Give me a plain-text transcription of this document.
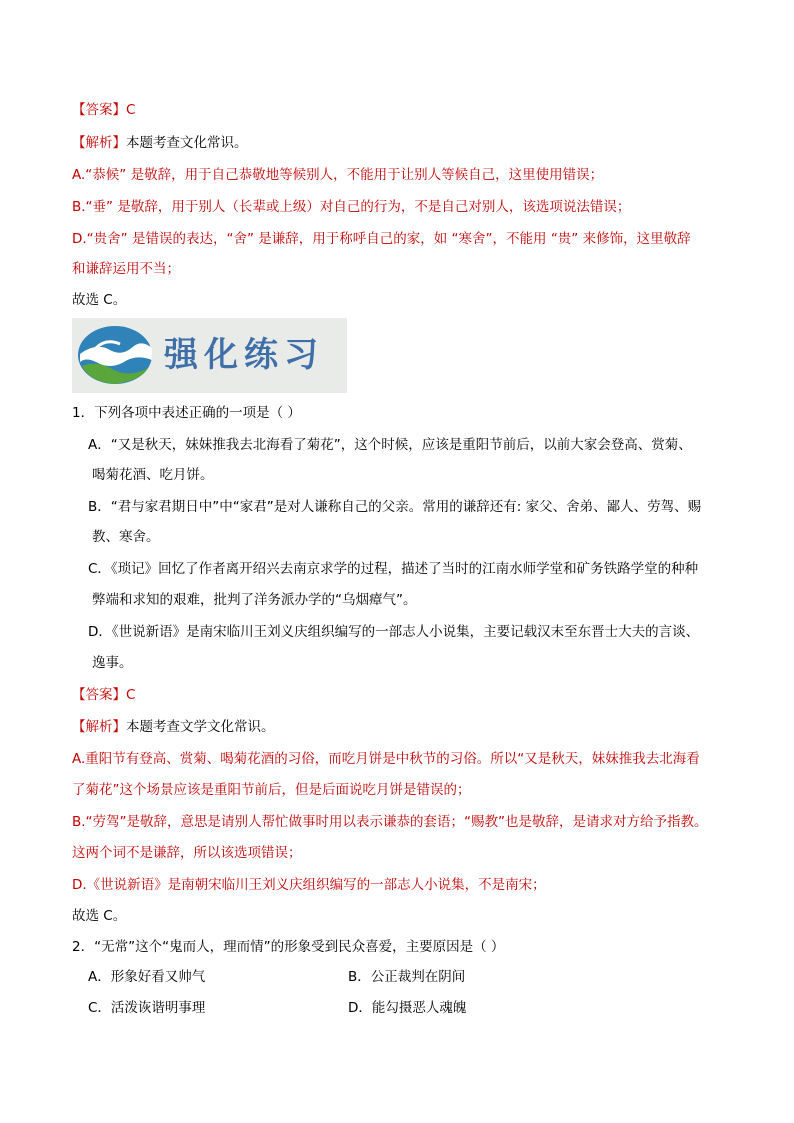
【答案】C
【解析】本题考查文化常识。
A.“恭候” 是敬辞，用于自己恭敬地等候别人，不能用于让别人等候自己，这里使用错误；
B.“垂” 是敬辞，用于别人（长辈或上级）对自己的行为，不是自己对别人，该选项说法错误；
D.“贵舍” 是错误的表达，“舍” 是谦辞，用于称呼自己的家，如 “寒舍”，不能用 “贵” 来修饰，这里敬辞
和谦辞运用不当；
故选 C。
强化练习
1．下列各项中表述正确的一项是（ ）
A．“又是秋天，妹妹推我去北海看了菊花”，这个时候，应该是重阳节前后，以前大家会登高、赏菊、
喝菊花酒、吃月饼。
B．“君与家君期日中”中“家君”是对人谦称自己的父亲。常用的谦辞还有: 家父、舍弟、鄙人、劳驾、赐
教、寒舍。
C．《琐记》回忆了作者离开绍兴去南京求学的过程，描述了当时的江南水师学堂和矿务铁路学堂的种种
弊端和求知的艰难，批判了洋务派办学的“乌烟瘴气”。
D．《世说新语》是南宋临川王刘义庆组织编写的一部志人小说集，主要记载汉末至东晋士大夫的言谈、
逸事。
【答案】C
【解析】本题考查文学文化常识。
A.重阳节有登高、赏菊、喝菊花酒的习俗，而吃月饼是中秋节的习俗。所以“又是秋天，妹妹推我去北海看
了菊花”这个场景应该是重阳节前后，但是后面说吃月饼是错误的；
B.“劳驾”是敬辞，意思是请别人帮忙做事时用以表示谦恭的套语；“赐教”也是敬辞，是请求对方给予指教。
这两个词不是谦辞，所以该选项错误；
D.《世说新语》是南朝宋临川王刘义庆组织编写的一部志人小说集，不是南宋；
故选 C。
2．“无常”这个“鬼而人，理而情”的形象受到民众喜爱，主要原因是（ ）
A．形象好看又帅气	B．公正裁判在阴间
C．活泼诙谐明事理	D．能勾摄恶人魂魄
